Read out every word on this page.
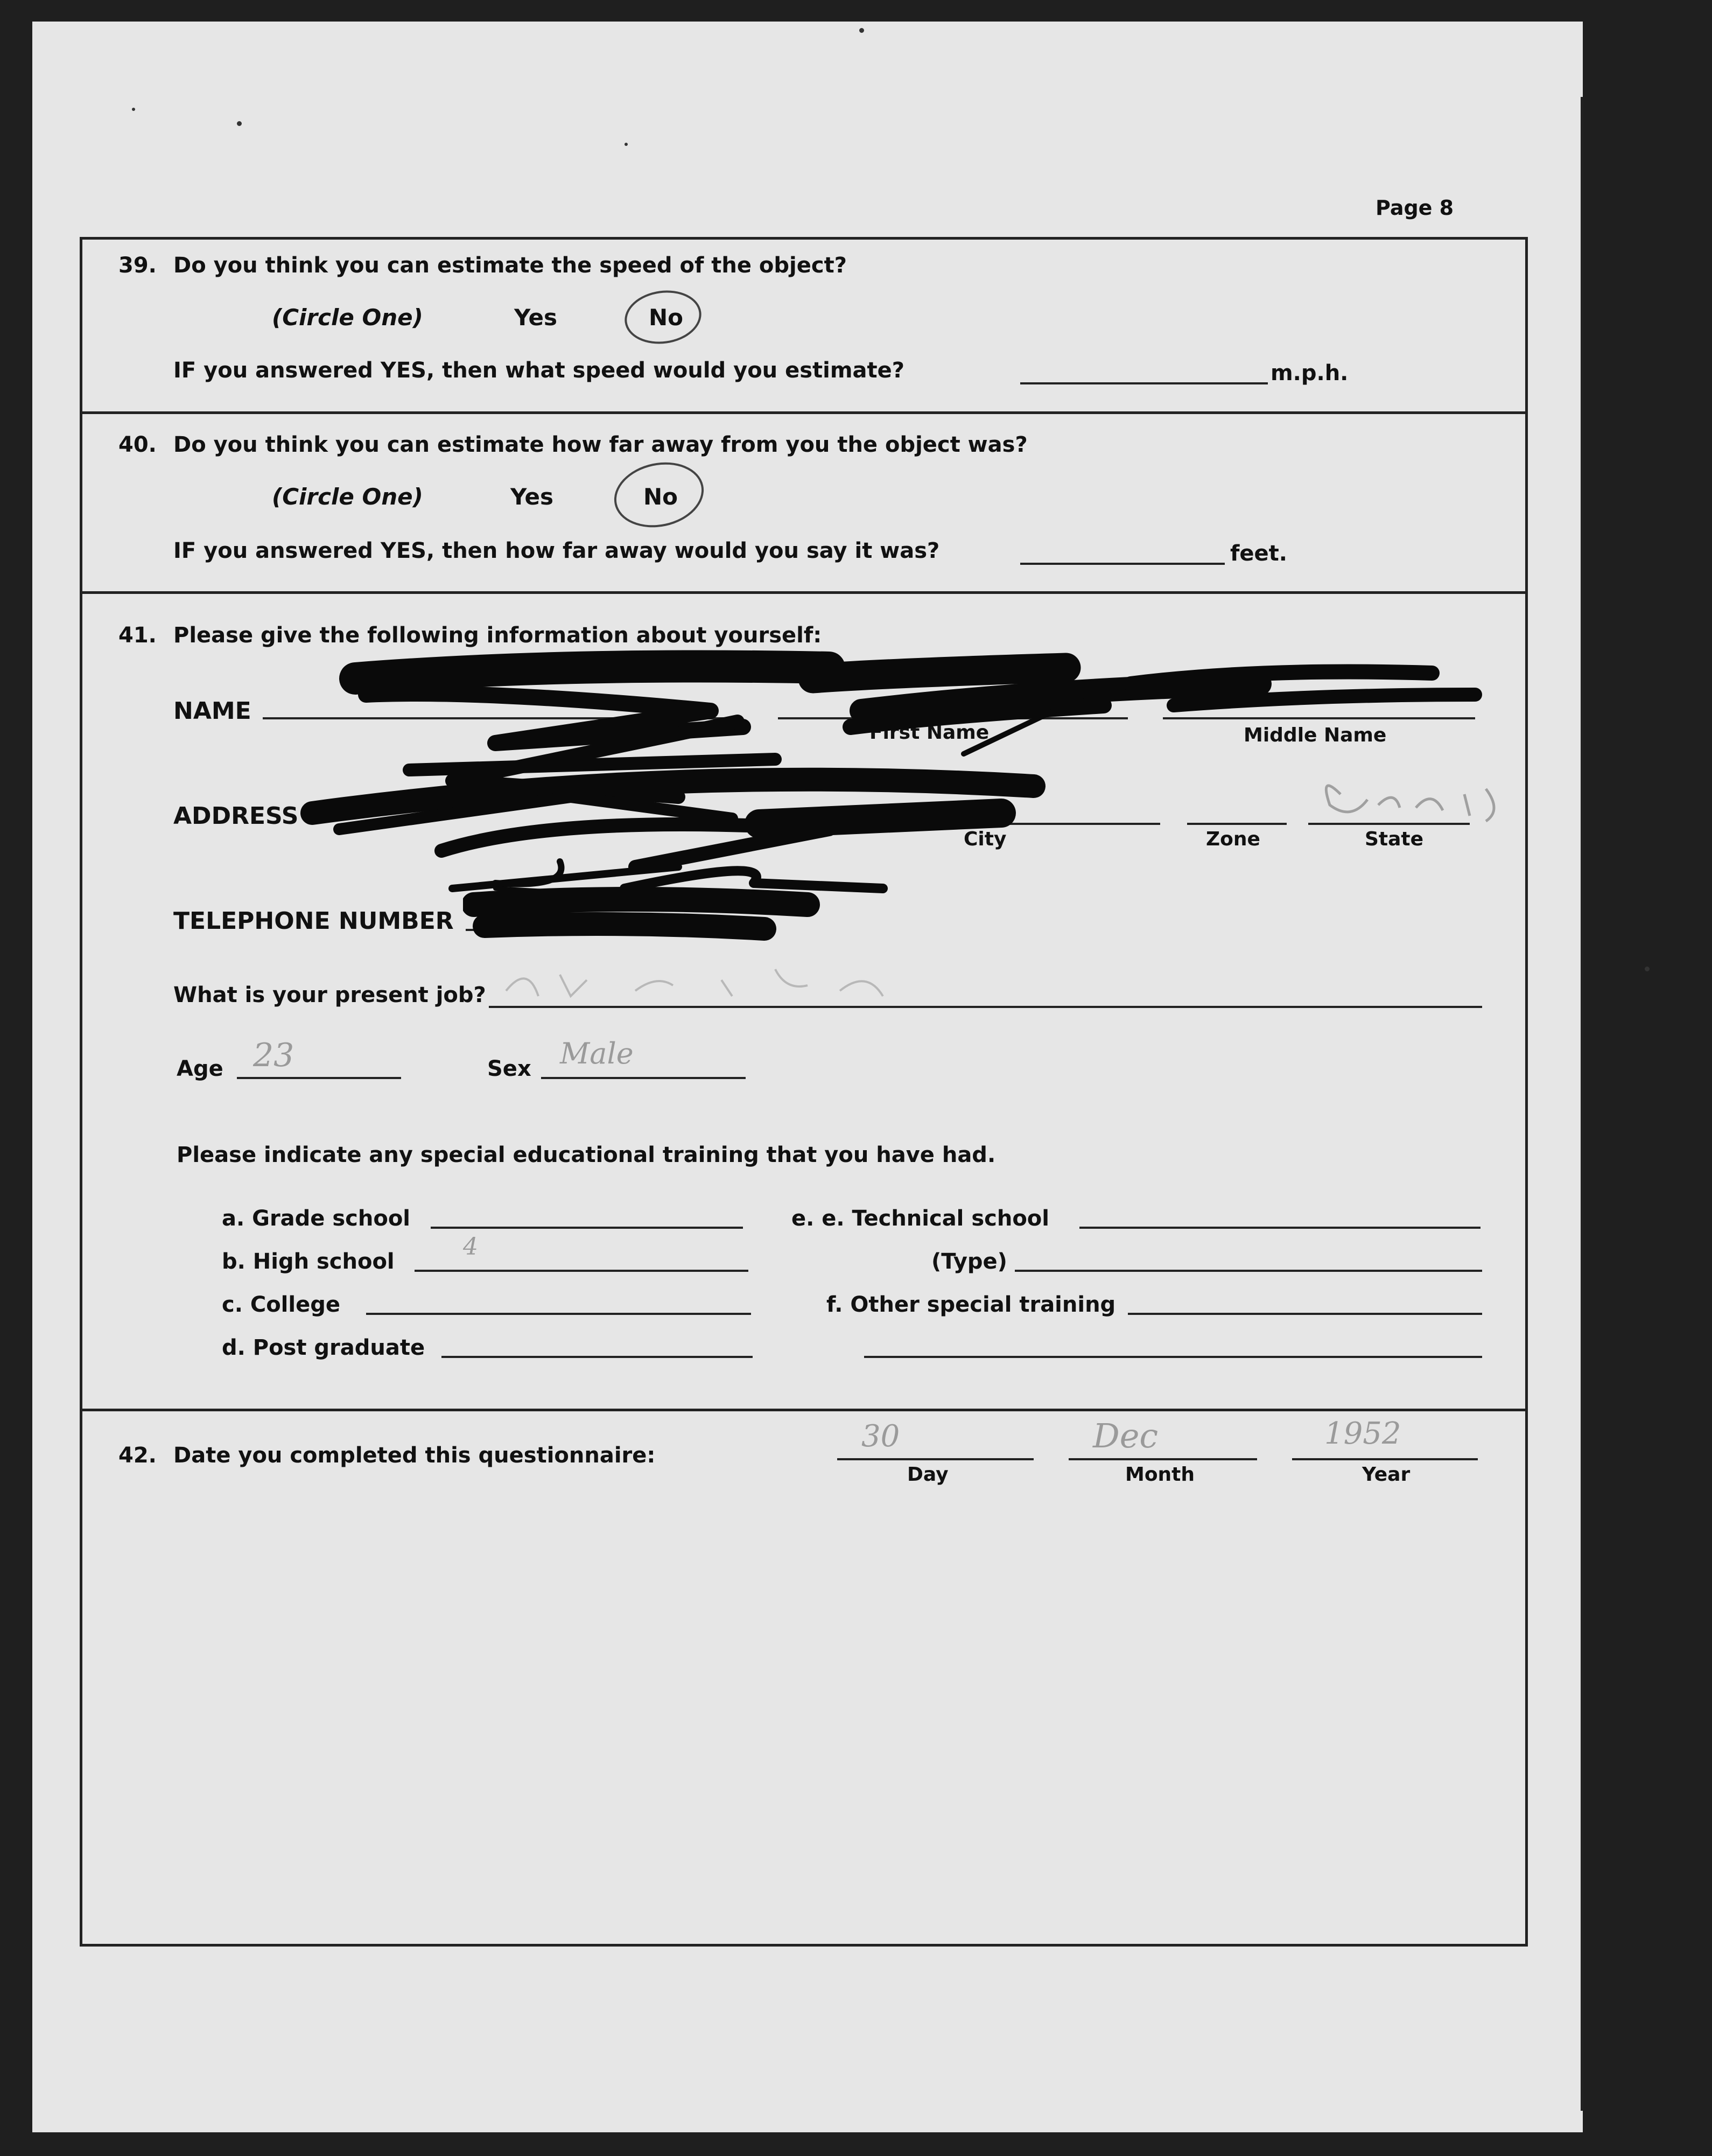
Page 8
39. Do you think you can estimate the speed of the object?
(Circle One)	Yes	No
IF you answered YES, then what speed would you estimate?	m.p.h.
40. Do you think you can estimate how far away from you the object was?
(Circle One)	Yes	No
IF you answered YES, then how far away would you say it was?	feet.
41. Please give the following information about yourself:
NAME
First Name	Middle Name
ADDRESS
City	Zone	State
TELEPHONE NUMBER
What is your present job?
Age 23	Sex Male
Please indicate any special educational training that you have had.
a. Grade school
b. High school
4
c. College
d. Post graduate
e. e. Technical school
(Type)
f. Other special training
42. Date you completed this questionnaire:
30	Dec	1952
Day	Month	Year
